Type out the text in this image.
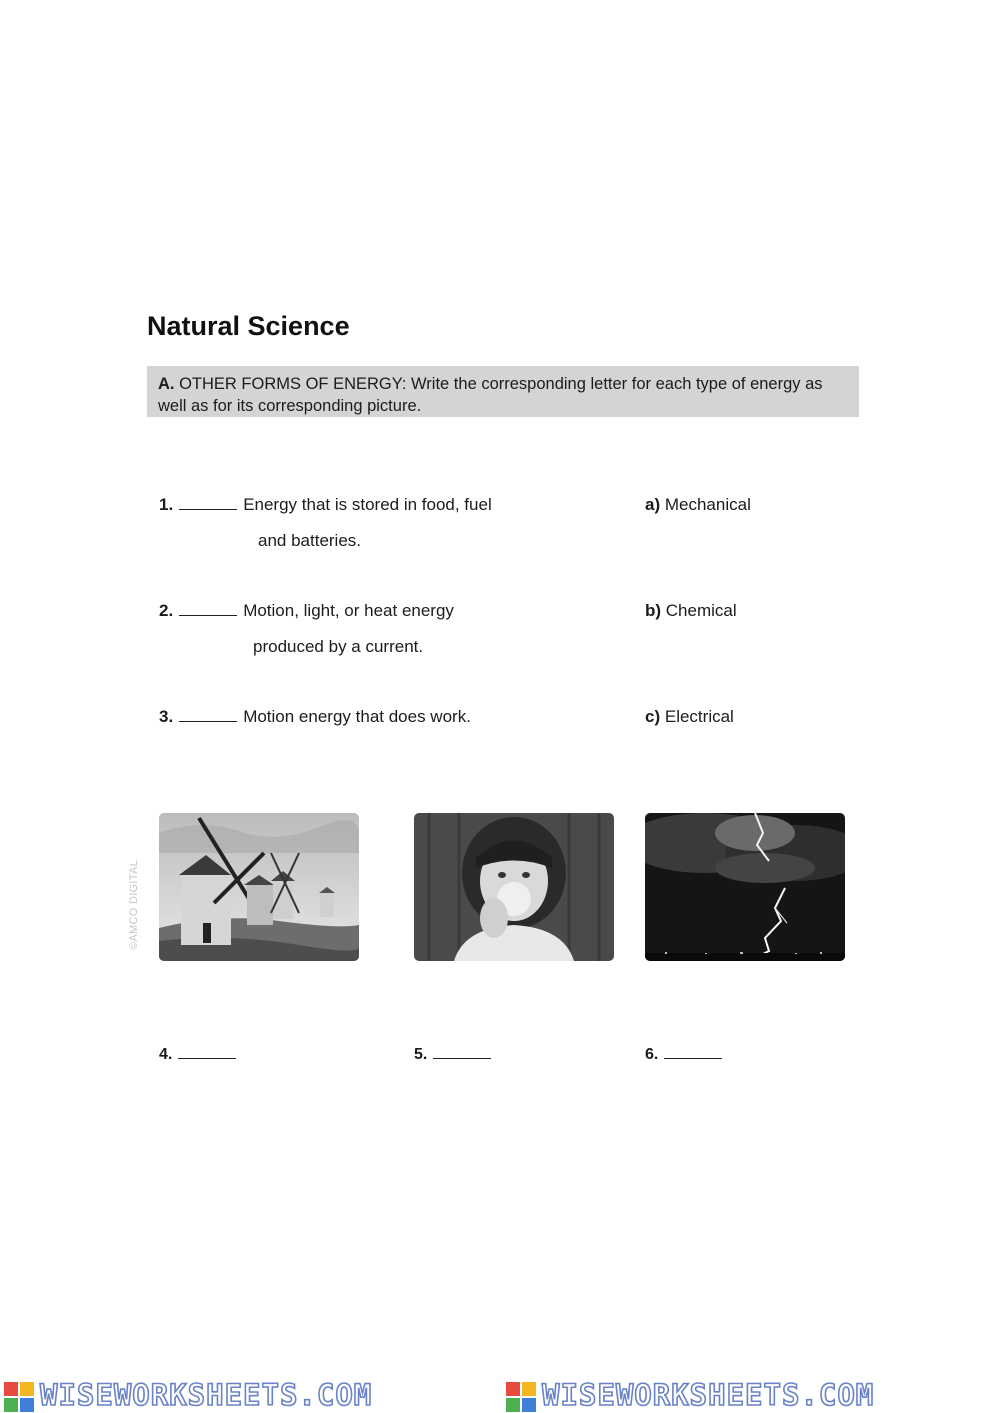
Natural Science
A. OTHER FORMS OF ENERGY: Write the corresponding letter for each type of energy as well as for its corresponding picture.
1.	Energy that is stored in food, fuel
and batteries.
2.	Motion, light, or heat energy
produced by a current.
3.	Motion energy that does work.
a) Mechanical
b) Chemical
c) Electrical
©AMCO DIGITAL
4.	5.	6.
WISEWORKSHEETS.COM	WISEWORKSHEETS.COM
